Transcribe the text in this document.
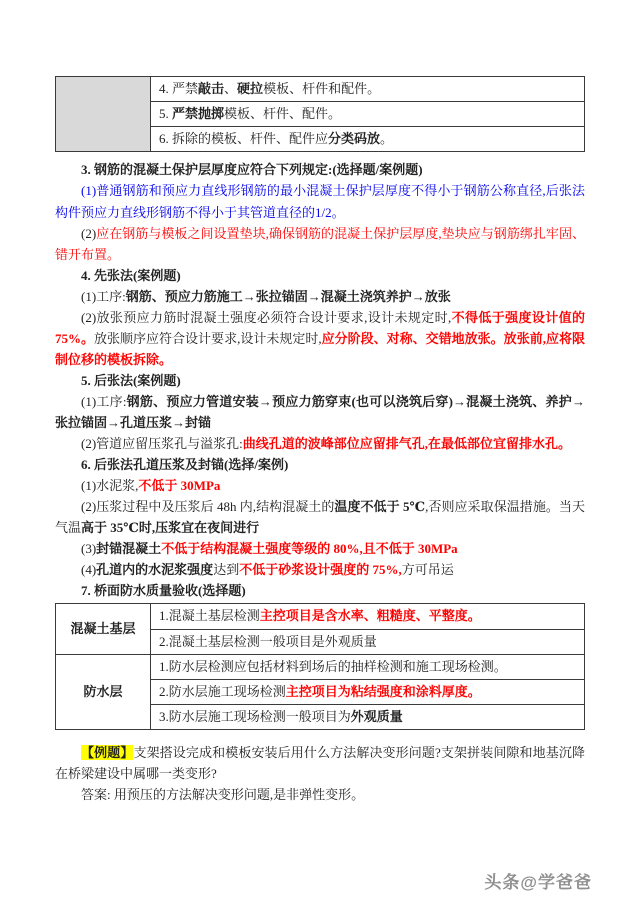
	4. 严禁敲击、硬拉模板、杆件和配件。
5. 严禁抛掷模板、杆件、配件。
6. 拆除的模板、杆件、配件应分类码放。

3. 钢筋的混凝土保护层厚度应符合下列规定:(选择题/案例题)

(1)普通钢筋和预应力直线形钢筋的最小混凝土保护层厚度不得小于钢筋公称直径,后张法构件预应力直线形钢筋不得小于其管道直径的1/2。

(2)应在钢筋与模板之间设置垫块,确保钢筋的混凝土保护层厚度,垫块应与钢筋绑扎牢固、错开布置。

4. 先张法(案例题)

(1)工序:钢筋、预应力筋施工→张拉锚固→混凝土浇筑养护→放张

(2)放张预应力筋时混凝土强度必须符合设计要求,设计未规定时,不得低于强度设计值的75%。放张顺序应符合设计要求,设计未规定时,应分阶段、对称、交错地放张。放张前,应将限制位移的模板拆除。

5. 后张法(案例题)

(1)工序:钢筋、预应力管道安装→预应力筋穿束(也可以浇筑后穿)→混凝土浇筑、养护→张拉锚固→孔道压浆→封锚

(2)管道应留压浆孔与溢浆孔:曲线孔道的波峰部位应留排气孔,在最低部位宜留排水孔。

6. 后张法孔道压浆及封锚(选择/案例)

(1)水泥浆,不低于 30MPa

(2)压浆过程中及压浆后 48h 内,结构混凝土的温度不低于 5℃,否则应采取保温措施。当天气温高于 35℃时,压浆宜在夜间进行

(3)封锚混凝土不低于结构混凝土强度等级的 80%,且不低于 30MPa

(4)孔道内的水泥浆强度达到不低于砂浆设计强度的 75%,方可吊运

7. 桥面防水质量验收(选择题)

混凝土基层	1.混凝土基层检测主控项目是含水率、粗糙度、平整度。
	2.混凝土基层检测一般项目是外观质量
防水层	1.防水层检测应包括材料到场后的抽样检测和施工现场检测。
	2.防水层施工现场检测主控项目为粘结强度和涂料厚度。
	3.防水层施工现场检测一般项目为外观质量

【例题】支架搭设完成和模板安装后用什么方法解决变形问题?支架拼装间隙和地基沉降在桥梁建设中属哪一类变形?

答案: 用预压的方法解决变形问题,是非弹性变形。

头条@学爸爸
